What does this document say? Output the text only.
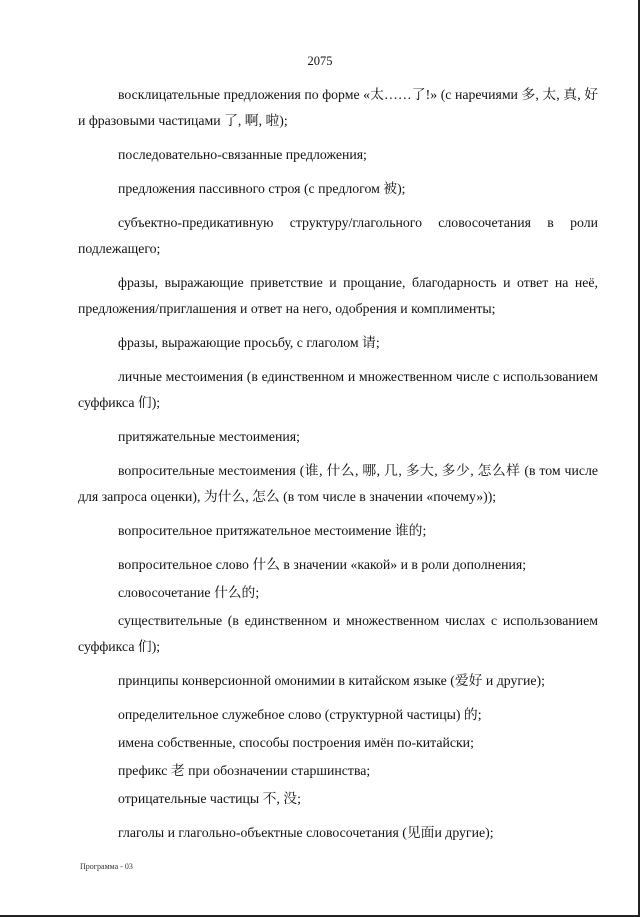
2075

восклицательные предложения по форме «太……了!» (с наречиями 多, 太, 真, 好 и фразовыми частицами 了, 啊, 啦);

последовательно-связанные предложения;

предложения пассивного строя (с предлогом 被);

субъектно-предикативную структуру/глагольного словосочетания в роли подлежащего;

фразы, выражающие приветствие и прощание, благодарность и ответ на неё, предложения/приглашения и ответ на него, одобрения и комплименты;

фразы, выражающие просьбу, с глаголом 请;

личные местоимения (в единственном и множественном числе с использованием суффикса 们);

притяжательные местоимения;

вопросительные местоимения (谁, 什么, 哪, 几, 多大, 多少, 怎么样 (в том числе для запроса оценки), 为什么, 怎么 (в том числе в значении «почему»));

вопросительное притяжательное местоимение 谁的;

вопросительное слово 什么 в значении «какой» и в роли дополнения;

словосочетание 什么的;

существительные (в единственном и множественном числах с использованием суффикса 们);

принципы конверсионной омонимии в китайском языке (爱好 и другие);

определительное служебное слово (структурной частицы) 的;

имена собственные, способы построения имён по-китайски;

префикс 老 при обозначении старшинства;

отрицательные частицы 不, 没;

глаголы и глагольно-объектные словосочетания (见面и другие);

Программа - 03
